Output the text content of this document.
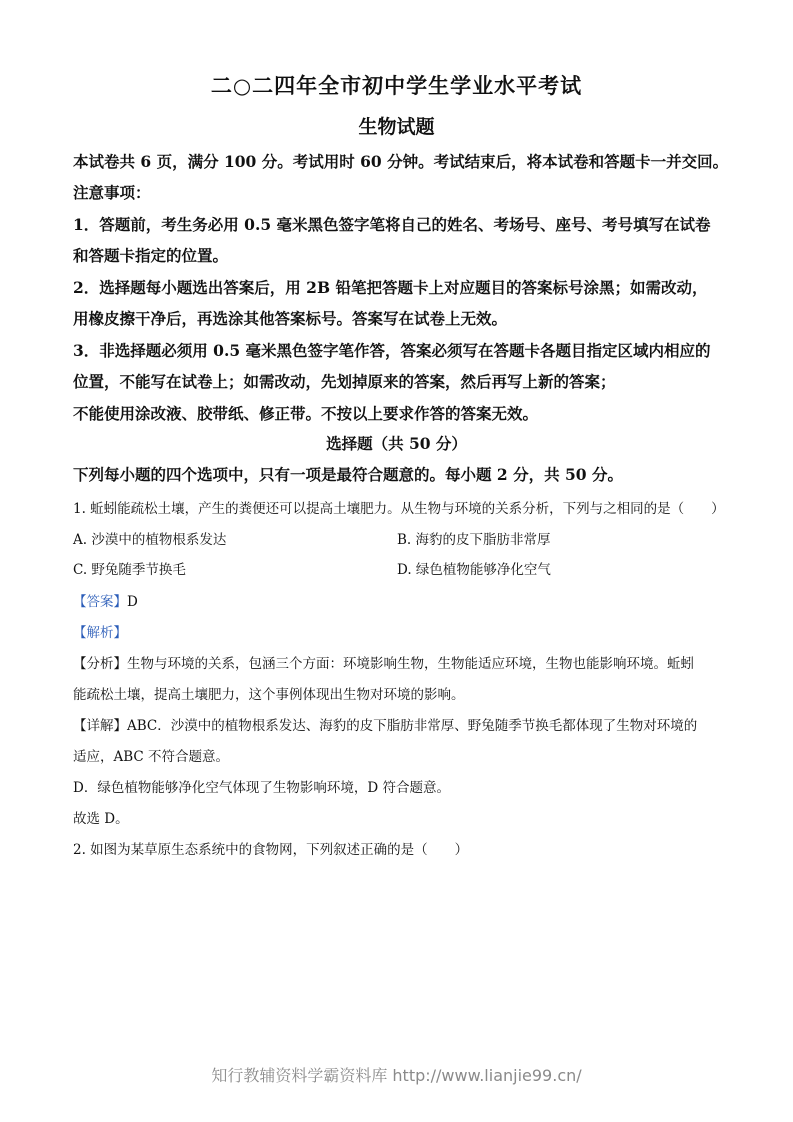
二○二四年全市初中学生学业水平考试
生物试题
本试卷共 6 页，满分 100 分。考试用时 60 分钟。考试结束后，将本试卷和答题卡一并交回。
注意事项：
1．答题前，考生务必用 0.5 毫米黑色签字笔将自己的姓名、考场号、座号、考号填写在试卷
和答题卡指定的位置。
2．选择题每小题选出答案后，用 2B 铅笔把答题卡上对应题目的答案标号涂黑；如需改动，
用橡皮擦干净后，再选涂其他答案标号。答案写在试卷上无效。
3．非选择题必须用 0.5 毫米黑色签字笔作答，答案必须写在答题卡各题目指定区域内相应的
位置，不能写在试卷上；如需改动，先划掉原来的答案，然后再写上新的答案；
不能使用涂改液、胶带纸、修正带。不按以上要求作答的答案无效。
选择题（共 50 分）
下列每小题的四个选项中，只有一项是最符合题意的。每小题 2 分，共 50 分。
1. 蚯蚓能疏松土壤，产生的粪便还可以提高土壤肥力。从生物与环境的关系分析，下列与之相同的是（　　）
A. 沙漠中的植物根系发达	B. 海豹的皮下脂肪非常厚
C. 野兔随季节换毛	D. 绿色植物能够净化空气
【答案】D
【解析】
【分析】生物与环境的关系，包涵三个方面：环境影响生物，生物能适应环境，生物也能影响环境。蚯蚓
能疏松土壤，提高土壤肥力，这个事例体现出生物对环境的影响。
【详解】ABC．沙漠中的植物根系发达、海豹的皮下脂肪非常厚、野兔随季节换毛都体现了生物对环境的
适应，ABC 不符合题意。
D．绿色植物能够净化空气体现了生物影响环境，D 符合题意。
故选 D。
2. 如图为某草原生态系统中的食物网，下列叙述正确的是（　　）
知行教辅资料学霸资料库 http://www.lianjie99.cn/
